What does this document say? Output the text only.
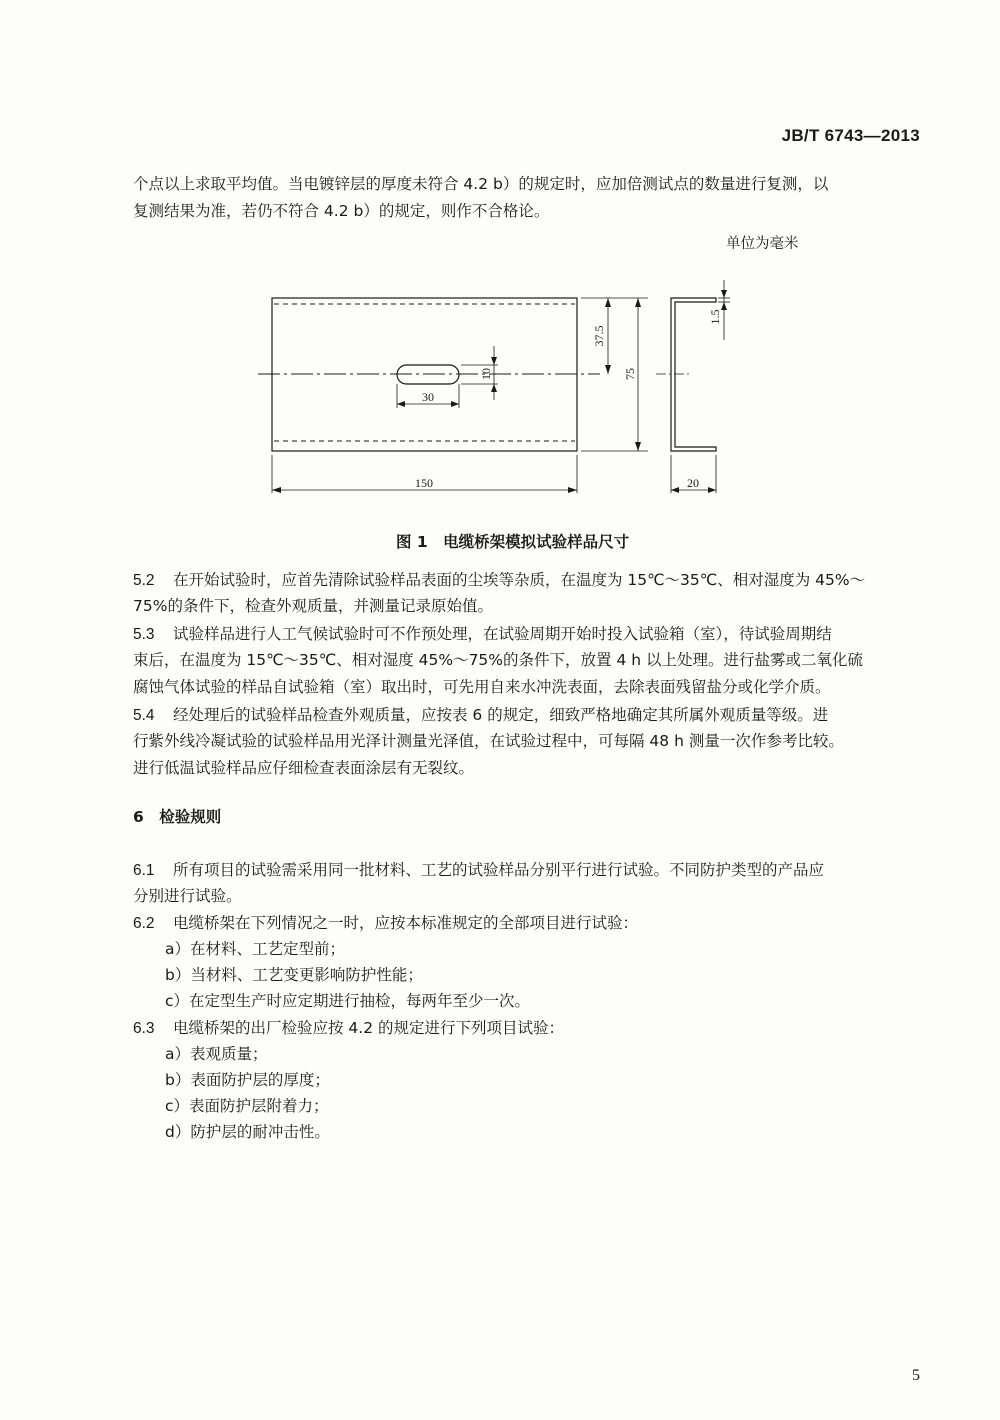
JB/T 6743—2013
个点以上求取平均值。当电镀锌层的厚度未符合 4.2 b）的规定时，应加倍测试点的数量进行复测，以
复测结果为准，若仍不符合 4.2 b）的规定，则作不合格论。
单位为毫米
150
30
20
75
37.5
10
1.5
图 1　电缆桥架模拟试验样品尺寸
5.2 在开始试验时，应首先清除试验样品表面的尘埃等杂质，在温度为 15℃～35℃、相对湿度为 45%～
75%的条件下，检查外观质量，并测量记录原始值。
5.3 试验样品进行人工气候试验时可不作预处理，在试验周期开始时投入试验箱（室），待试验周期结
束后，在温度为 15℃～35℃、相对湿度 45%～75%的条件下，放置 4 h 以上处理。进行盐雾或二氧化硫
腐蚀气体试验的样品自试验箱（室）取出时，可先用自来水冲洗表面，去除表面残留盐分或化学介质。
5.4 经处理后的试验样品检查外观质量，应按表 6 的规定，细致严格地确定其所属外观质量等级。进
行紫外线冷凝试验的试验样品用光泽计测量光泽值，在试验过程中，可每隔 48 h 测量一次作参考比较。
进行低温试验样品应仔细检查表面涂层有无裂纹。
6　检验规则
6.1 所有项目的试验需采用同一批材料、工艺的试验样品分别平行进行试验。不同防护类型的产品应
分别进行试验。
6.2 电缆桥架在下列情况之一时，应按本标准规定的全部项目进行试验：
a）在材料、工艺定型前；
b）当材料、工艺变更影响防护性能；
c）在定型生产时应定期进行抽检，每两年至少一次。
6.3 电缆桥架的出厂检验应按 4.2 的规定进行下列项目试验：
a）表观质量；
b）表面防护层的厚度；
c）表面防护层附着力；
d）防护层的耐冲击性。
5
